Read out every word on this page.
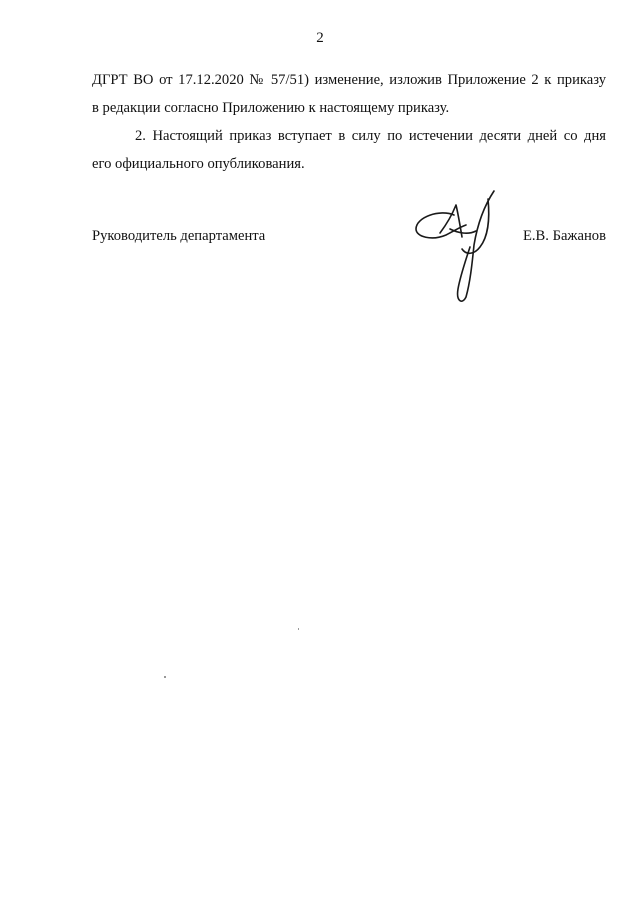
2

ДГРТ ВО от 17.12.2020 № 57/51) изменение, изложив Приложение 2 к приказу
в редакции согласно Приложению к настоящему приказу.

2. Настоящий приказ вступает в силу по истечении десяти дней со дня
его официального опубликования.

Руководитель департамента	Е.В. Бажанов
